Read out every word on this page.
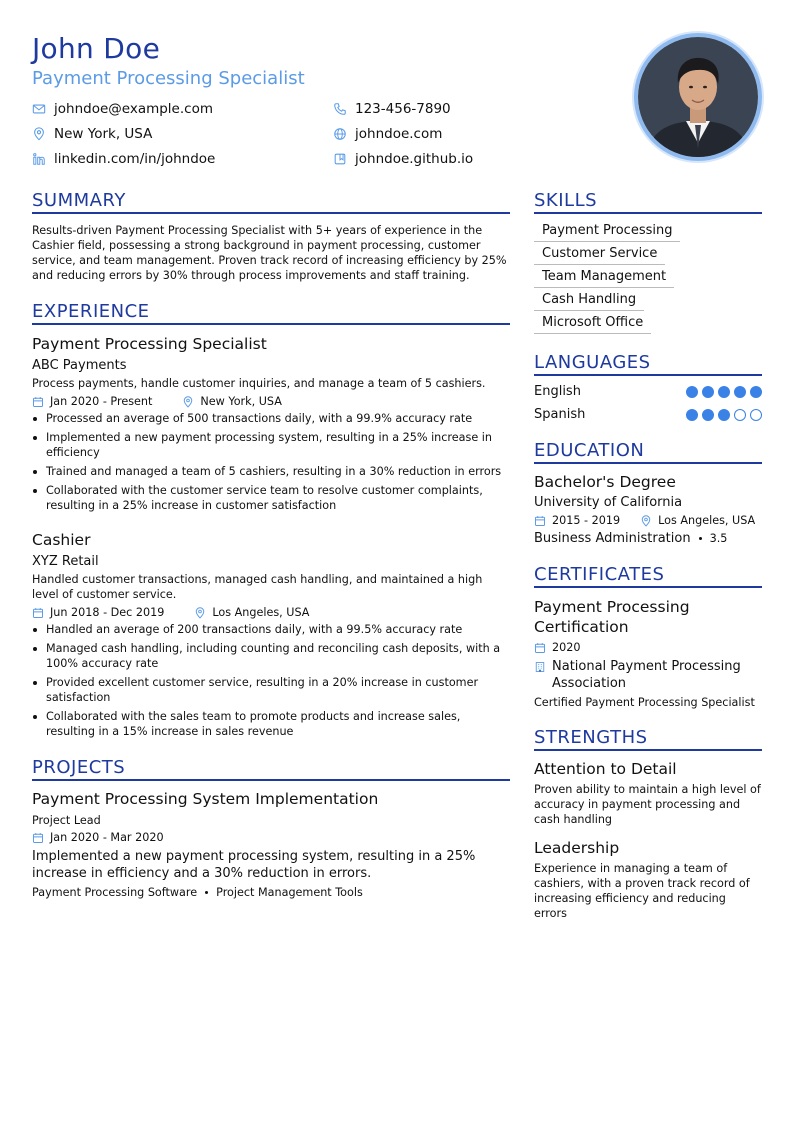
John Doe
Payment Processing Specialist
johndoe@example.com	123-456-7890
New York, USA	johndoe.com
linkedin.com/in/johndoe	johndoe.github.io
SUMMARY
Results-driven Payment Processing Specialist with 5+ years of experience in the Cashier field, possessing a strong background in payment processing, customer service, and team management. Proven track record of increasing efficiency by 25% and reducing errors by 30% through process improvements and staff training.
EXPERIENCE
Payment Processing Specialist
ABC Payments
Process payments, handle customer inquiries, and manage a team of 5 cashiers.
Jan 2020 - Present	New York, USA
Processed an average of 500 transactions daily, with a 99.9% accuracy rate
Implemented a new payment processing system, resulting in a 25% increase in efficiency
Trained and managed a team of 5 cashiers, resulting in a 30% reduction in errors
Collaborated with the customer service team to resolve customer complaints, resulting in a 25% increase in customer satisfaction
Cashier
XYZ Retail
Handled customer transactions, managed cash handling, and maintained a high level of customer service.
Jun 2018 - Dec 2019	Los Angeles, USA
Handled an average of 200 transactions daily, with a 99.5% accuracy rate
Managed cash handling, including counting and reconciling cash deposits, with a 100% accuracy rate
Provided excellent customer service, resulting in a 20% increase in customer satisfaction
Collaborated with the sales team to promote products and increase sales, resulting in a 15% increase in sales revenue
PROJECTS
Payment Processing System Implementation
Project Lead
Jan 2020 - Mar 2020
Implemented a new payment processing system, resulting in a 25% increase in efficiency and a 30% reduction in errors.
Payment Processing Software Project Management Tools
SKILLS
Payment Processing
Customer Service
Team Management
Cash Handling
Microsoft Office
LANGUAGES
English
Spanish
EDUCATION
Bachelor's Degree
University of California
2015 - 2019	Los Angeles, USA
Business Administration 3.5
CERTIFICATES
Payment Processing Certification
2020
National Payment Processing Association
Certified Payment Processing Specialist
STRENGTHS
Attention to Detail
Proven ability to maintain a high level of accuracy in payment processing and cash handling
Leadership
Experience in managing a team of cashiers, with a proven track record of increasing efficiency and reducing errors
